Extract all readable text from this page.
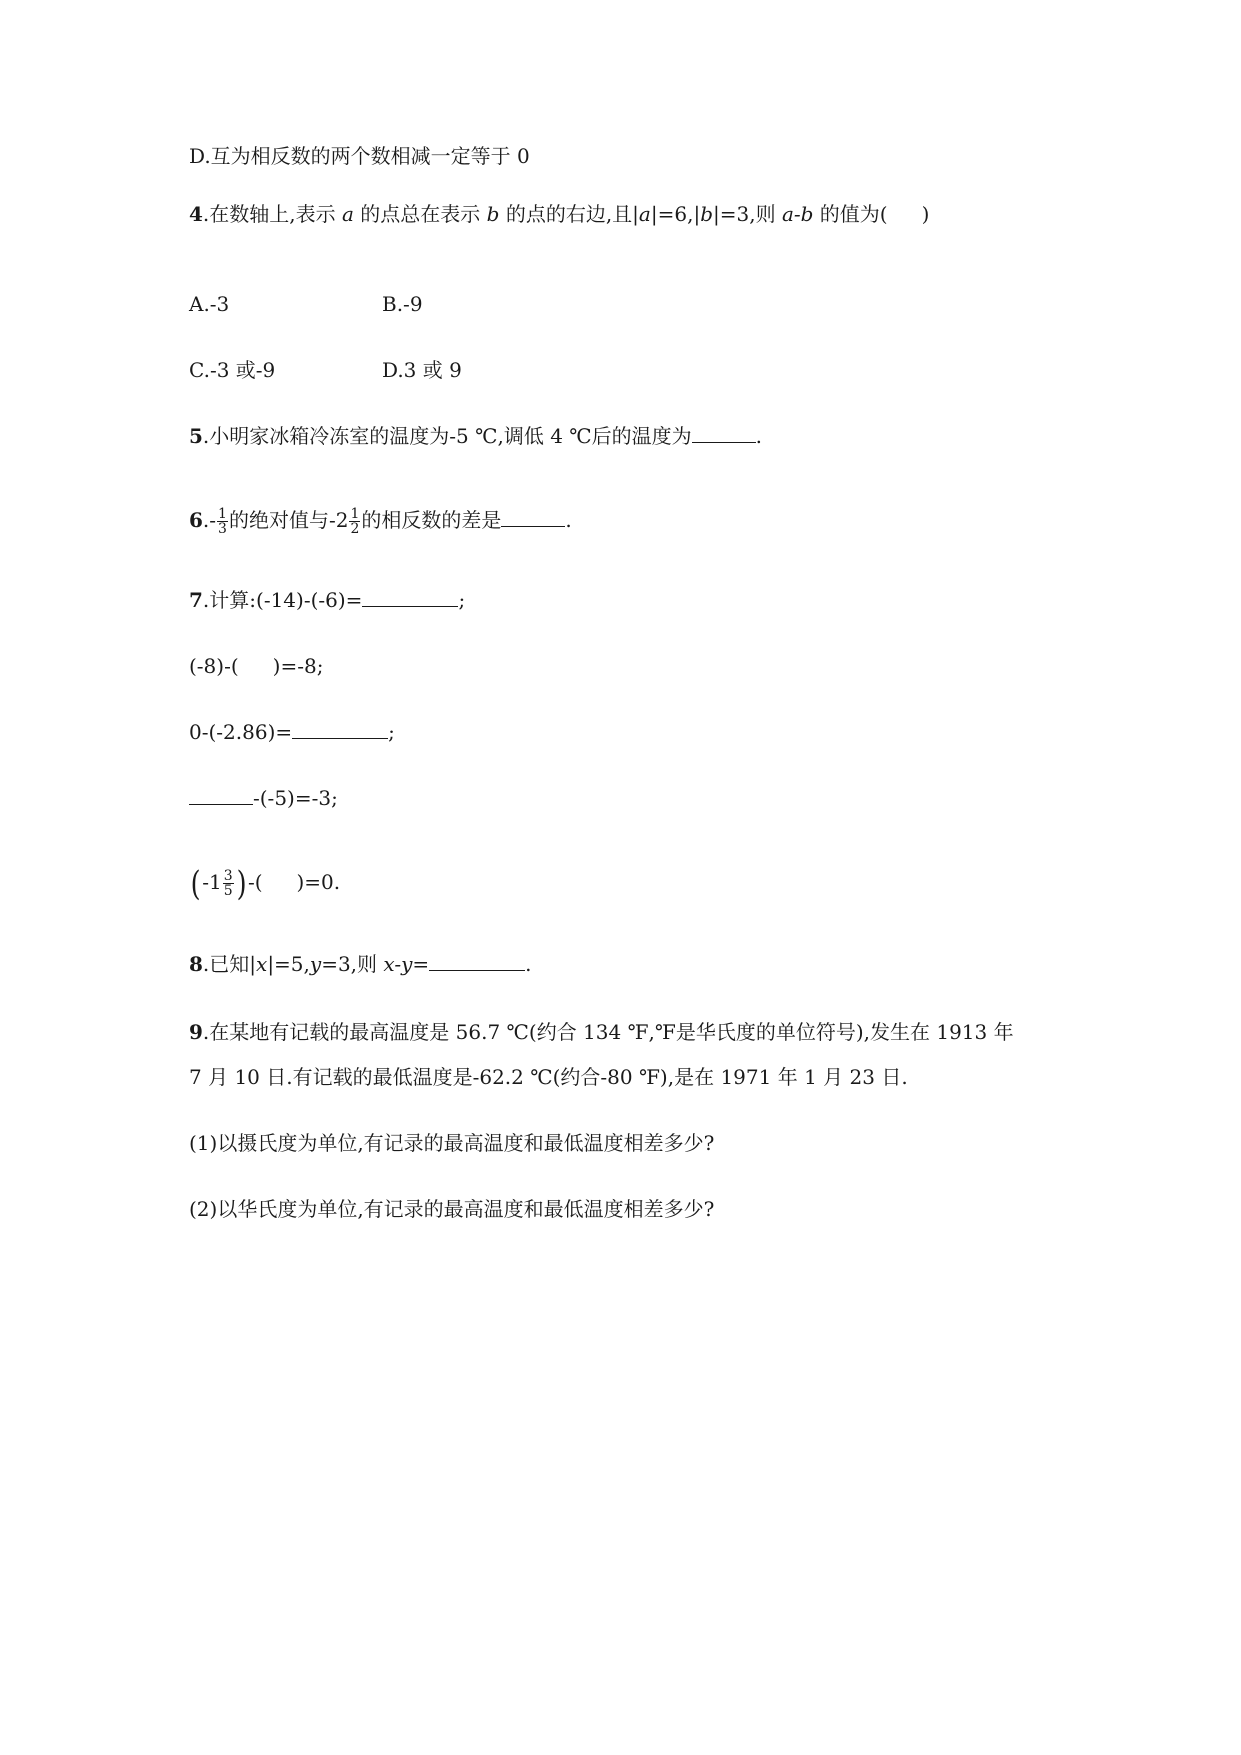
D.互为相反数的两个数相减一定等于 0
4.在数轴上,表示 a 的点总在表示 b 的点的右边,且|a|=6,|b|=3,则 a-b 的值为( )
A.-3	B.-9
C.-3 或-9	D.3 或 9
5.小明家冰箱冷冻室的温度为-5 ℃,调低 4 ℃后的温度为	.
$6.- \frac{1}{3}$ 的绝对值与$-2 \frac{1}{2}$ 的相反数的差是	.
7.计算:(-14)-(-6)=	;
(-8)-( )=-8;
0-(-2.86)=	;
-(-5)=-3;
($-1 \frac{3}{5}$ )-( )=0.
8.已知|x|=5,y=3,则 x-y=	.
9.在某地有记载的最高温度是 56.7 ℃(约合 134 ℉,℉是华氏度的单位符号),发生在 1913 年
7 月 10 日.有记载的最低温度是-62.2 ℃(约合-80 ℉),是在 1971 年 1 月 23 日.
(1)以摄氏度为单位,有记录的最高温度和最低温度相差多少?
(2)以华氏度为单位,有记录的最高温度和最低温度相差多少?
